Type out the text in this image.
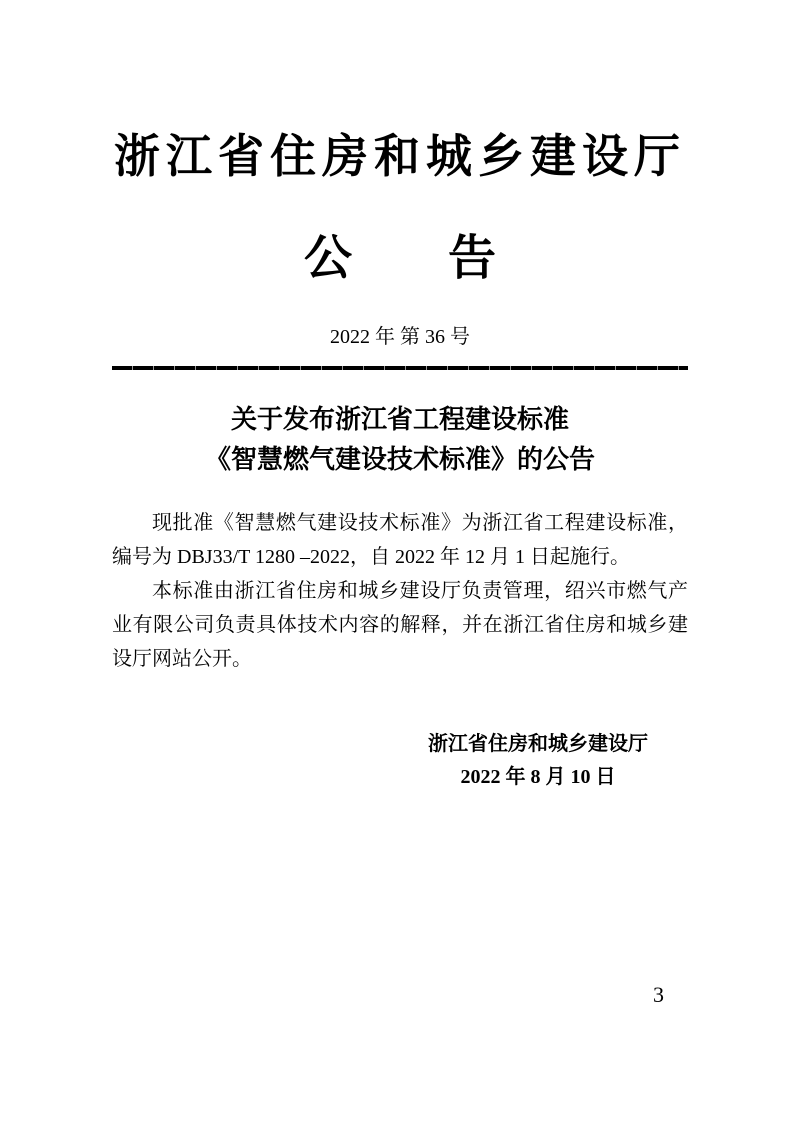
浙江省住房和城乡建设厅
公　　告
2022 年 第 36 号
关于发布浙江省工程建设标准
《智慧燃气建设技术标准》的公告

现批准《智慧燃气建设技术标准》为浙江省工程建设标准，编号为 DBJ33/T 1280 –2022，自 2022 年 12 月 1 日起施行。

本标准由浙江省住房和城乡建设厅负责管理，绍兴市燃气产业有限公司负责具体技术内容的解释，并在浙江省住房和城乡建设厅网站公开。

浙江省住房和城乡建设厅
2022 年 8 月 10 日
3
